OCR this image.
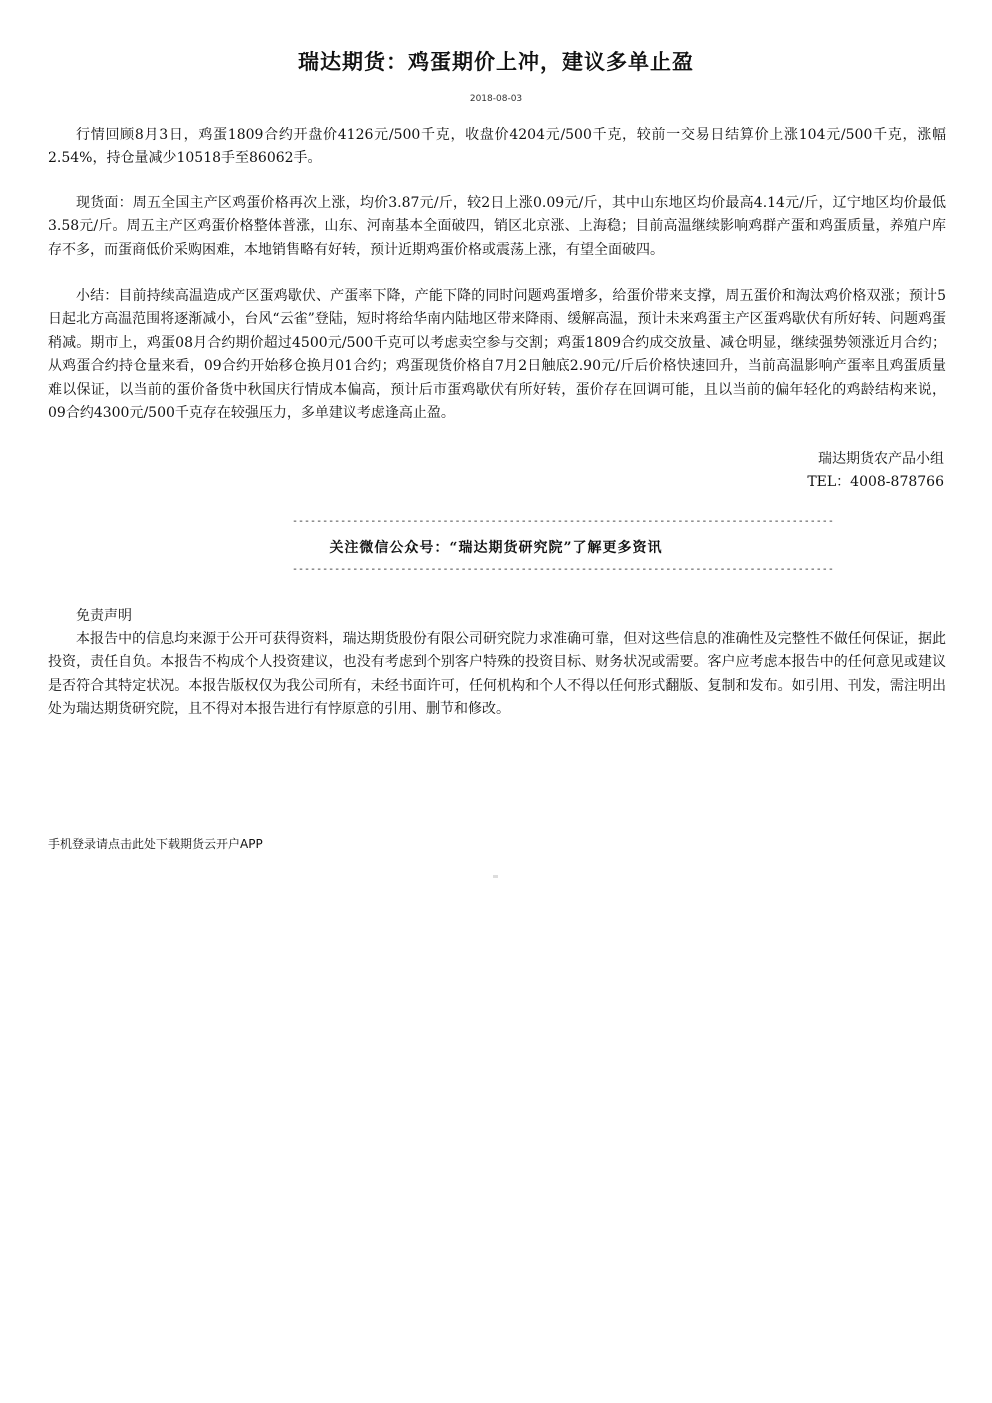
瑞达期货：鸡蛋期价上冲，建议多单止盈
2018-08-03

行情回顾8月3日，鸡蛋1809合约开盘价4126元/500千克，收盘价4204元/500千克，较前一交易日结算价上涨104元/500千克，涨幅2.54%，持仓量减少10518手至86062手。

现货面：周五全国主产区鸡蛋价格再次上涨，均价3.87元/斤，较2日上涨0.09元/斤，其中山东地区均价最高4.14元/斤，辽宁地区均价最低3.58元/斤。周五主产区鸡蛋价格整体普涨，山东、河南基本全面破四，销区北京涨、上海稳；目前高温继续影响鸡群产蛋和鸡蛋质量，养殖户库存不多，而蛋商低价采购困难，本地销售略有好转，预计近期鸡蛋价格或震荡上涨，有望全面破四。

小结：目前持续高温造成产区蛋鸡歇伏、产蛋率下降，产能下降的同时问题鸡蛋增多，给蛋价带来支撑，周五蛋价和淘汰鸡价格双涨；预计5日起北方高温范围将逐渐减小，台风“云雀”登陆，短时将给华南内陆地区带来降雨、缓解高温，预计未来鸡蛋主产区蛋鸡歇伏有所好转、问题鸡蛋稍减。期市上，鸡蛋08月合约期价超过4500元/500千克可以考虑卖空参与交割；鸡蛋1809合约成交放量、减仓明显，继续强势领涨近月合约；从鸡蛋合约持仓量来看，09合约开始移仓换月01合约；鸡蛋现货价格自7月2日触底2.90元/斤后价格快速回升，当前高温影响产蛋率且鸡蛋质量难以保证，以当前的蛋价备货中秋国庆行情成本偏高，预计后市蛋鸡歇伏有所好转，蛋价存在回调可能，且以当前的偏年轻化的鸡龄结构来说，09合约4300元/500千克存在较强压力，多单建议考虑逢高止盈。

瑞达期货农产品小组
TEL：4008-878766
------------------------------------------------------------------------------------------
关注微信公众号：“瑞达期货研究院”了解更多资讯
------------------------------------------------------------------------------------------
免责声明

本报告中的信息均来源于公开可获得资料，瑞达期货股份有限公司研究院力求准确可靠，但对这些信息的准确性及完整性不做任何保证，据此投资，责任自负。本报告不构成个人投资建议，也没有考虑到个别客户特殊的投资目标、财务状况或需要。客户应考虑本报告中的任何意见或建议是否符合其特定状况。本报告版权仅为我公司所有，未经书面许可，任何机构和个人不得以任何形式翻版、复制和发布。如引用、刊发，需注明出处为瑞达期货研究院，且不得对本报告进行有悖原意的引用、删节和修改。

手机登录请点击此处下载期货云开户APP
